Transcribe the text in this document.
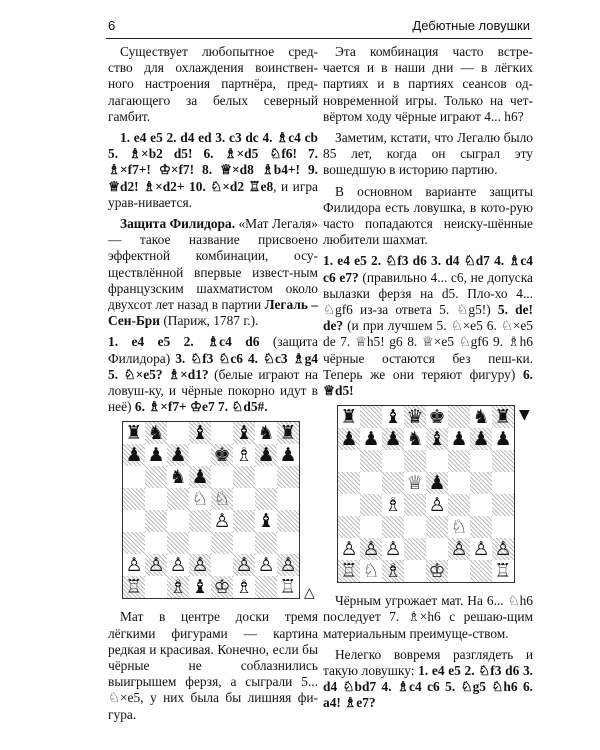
6	Дебютные ловушки

Существует любопытное сред-ство для охлаждения воинствен-ного настроения партнёра, пред-лагающего за белых северный гамбит.

1. e4 e5 2. d4 ed 3. c3 dc 4. ♗c4 cb 5. ♗×b2 d5! 6. ♗×d5 ♘f6! 7. ♗×f7+! ♔×f7! 8. ♕×d8 ♗b4+! 9. ♕d2! ♗×d2+ 10. ♘×d2 ♖e8, и игра урав-нивается.

Защита Филидора. «Мат Легаля» — такое название присвоено эффектной комбинации, осу-ществлённой впервые извест-ным французским шахматистом около двухсот лет назад в партии Легаль – Сен-Бри (Париж, 1787 г.).

1. e4 e5 2. ♗c4 d6 (защита Филидора) 3. ♘f3 ♘c6 4. ♘c3 ♗g4 5. ♘×e5? ♗×d1? (белые играют на ловуш-ку, и чёрные покорно идут в неё) 6. ♗×f7+ ♔e7 7. ♘d5#.

♜ ♞ ♝ ♝ ♞ ♜
♟ ♟ ♟ ♚ ♟ ♟
♞ ♟
♘ ♘
♙
♙ ♙ ♙ ♙ ♙ ♙ ♙
♖ ♗ ♔ ♗ ♖
♗
♝
♝	△

Мат в центре доски тремя лёгкими фигурами — картина редкая и красивая. Конечно, если бы чёрные не соблазнились выигрышем ферзя, а сыграли 5... ♘×e5, у них была бы лишняя фи-гура.

Эта комбинация часто встре-чается и в наши дни — в лёгких партиях и в партиях сеансов од-новременной игры. Только на чет-вёртом ходу чёрные играют 4... h6?

Заметим, кстати, что Легалю было 85 лет, когда он сыграл эту вошедшую в историю партию.

В основном варианте защиты Филидора есть ловушка, в кото-рую часто попадаются неиску-шённые любители шахмат.

1. e4 e5 2. ♘f3 d6 3. d4 ♘d7 4. ♗c4 c6 e7? (правильно 4... c6, не допуска вылазки ферзя на d5. Пло-хо 4... ♘gf6 из-за ответа 5. ♘g5!) 5. de! de? (и при лучшем 5. ♘×e5 6. ♘×e5 de 7. ♕h5! g6 8. ♕×e5 ♘gf6 9. ♗h6 чёрные остаются без пеш-ки. Теперь же они теряют фигуру) 6. ♕d5!

♜ ♝ ♛ ♚ ♞ ♜
♟ ♟ ♟ ♞ ♝ ♟ ♟ ♟
♕ ♟
♗ ♙
♘
♙ ♙ ♙	♙ ♙ ♙
♖ ♘ ♗ ♔	♖
▼

Чёрным угрожает мат. На 6... ♘h6 последует 7. ♗×h6 с решаю-щим материальным преимуще-ством.

Нелегко вовремя разглядеть и такую ловушку: 1. e4 e5 2. ♘f3 d6 3. d4 ♘bd7 4. ♗c4 c6 5. ♘g5 ♘h6 6. a4! ♗e7?
